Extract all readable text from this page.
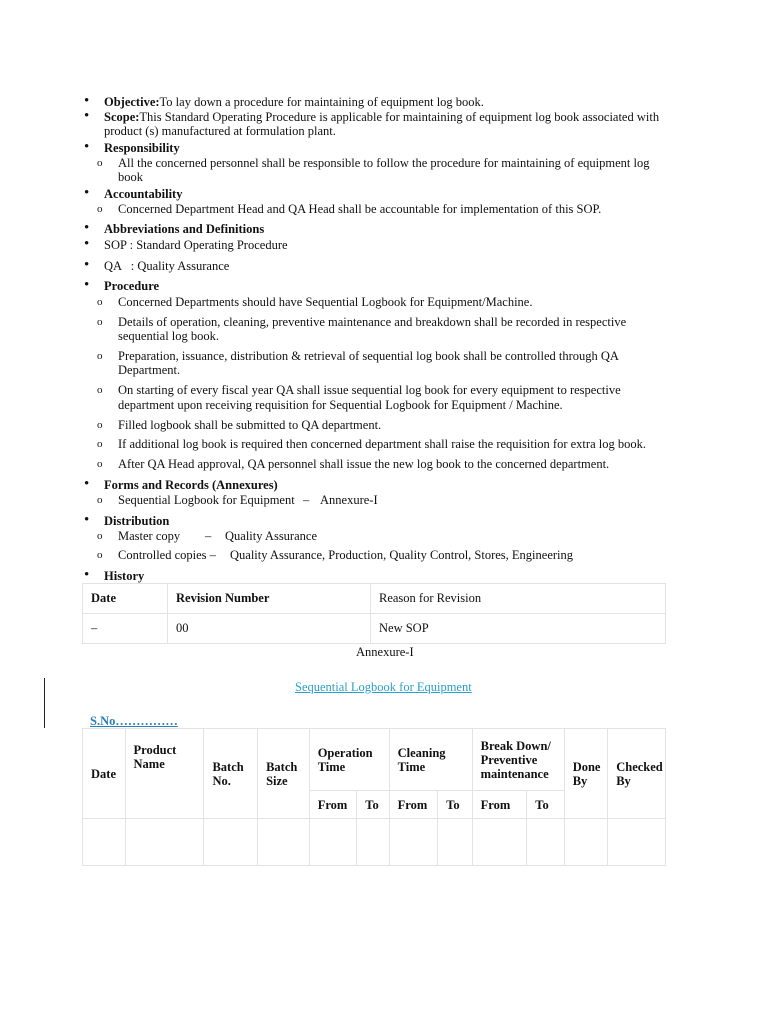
• Objective:To lay down a procedure for maintaining of equipment log book.
• Scope:This Standard Operating Procedure is applicable for maintaining of equipment log book associated with
product (s) manufactured at formulation plant.
• Responsibility
o All the concerned personnel shall be responsible to follow the procedure for maintaining of equipment log
book
• Accountability
o Concerned Department Head and QA Head shall be accountable for implementation of this SOP.
• Abbreviations and Definitions
• SOP : Standard Operating Procedure
• QA   : Quality Assurance
• Procedure
o Concerned Departments should have Sequential Logbook for Equipment/Machine.
o Details of operation, cleaning, preventive maintenance and breakdown shall be recorded in respective
sequential log book.
o Preparation, issuance, distribution & retrieval of sequential log book shall be controlled through QA
Department.
o On starting of every fiscal year QA shall issue sequential log book for every equipment to respective
department upon receiving requisition for Sequential Logbook for Equipment / Machine.
o Filled logbook shall be submitted to QA department.
o If additional log book is required then concerned department shall raise the requisition for extra log book.
o After QA Head approval, QA personnel shall issue the new log book to the concerned department.
• Forms and Records (Annexures)
o Sequential Logbook for Equipment – Annexure-I
• Distribution
o Master copy – Quality Assurance
o Controlled copies – Quality Assurance, Production, Quality Control, Stores, Engineering
• History
Date	Revision Number	Reason for Revision
–	00	New SOP
Annexure-I
Sequential Logbook for Equipment
S.No……………
Date	Product Name	Batch No.	Batch Size	Operation Time		Cleaning Time		Break Down/ Preventive maintenance		Done By	Checked By
				From	To	From	To	From	To		
